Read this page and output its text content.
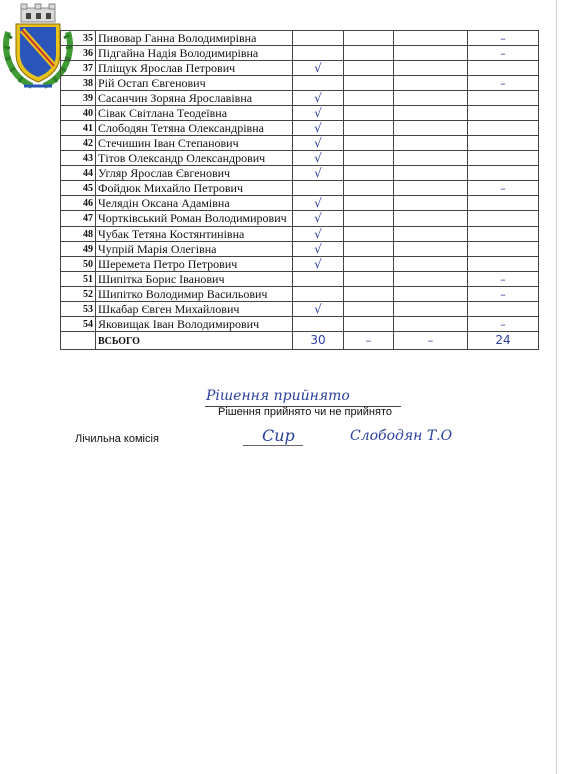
35	Пивовар Ганна Володимирівна				–
36	Підгайна Надія Володимирівна				–
37	Пліщук Ярослав Петрович	√			
38	Рій Остап Євгенович				–
39	Сасанчин Зоряна Ярославівна	√			
40	Сівак Світлана Теодеївна	√			
41	Слободян Тетяна Олександрівна	√			
42	Стечишин Іван Степанович	√			
43	Тітов Олександр Олександрович	√			
44	Угляр Ярослав Євгенович	√			
45	Фойдюк Михайло Петрович				–
46	Челядін Оксана Адамівна	√			
47	Чортківський Роман Володимирович	√			
48	Чубак Тетяна Костянтинівна	√			
49	Чупрій Марія Олегівна	√			
50	Шеремета Петро Петрович	√			
51	Шипітка Борис Іванович				–
52	Шипітко Володимир Васильович				–
53	Шкабар Євген Михайлович	√			
54	Яковищак Іван Володимирович				–
	ВСЬОГО	30	–	–	24
Рішення прийнято
Рішення прийнято чи не прийнято
Лічильна комісія	Сир	Слободян Т.О
